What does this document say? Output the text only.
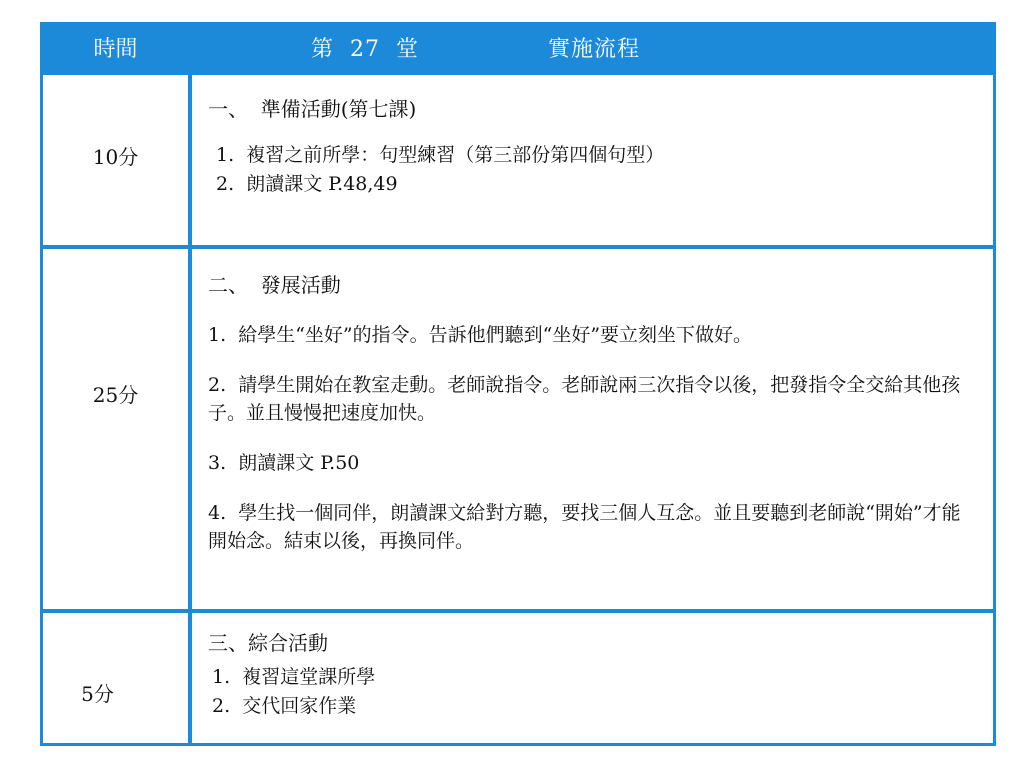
時間	第  27  堂	實施流程
10分

一、  準備活動(第七課)

1.  複習之前所學：句型練習（第三部份第四個句型）

2.  朗讀課文 P.48,49

25分

二、  發展活動

1.  給學生“坐好”的指令。告訴他們聽到“坐好”要立刻坐下做好。

2.  請學生開始在教室走動。老師說指令。老師說兩三次指令以後，把發指令全交給其他孩子。並且慢慢把速度加快。

3.  朗讀課文 P.50

4.  學生找一個同伴，朗讀課文給對方聽，要找三個人互念。並且要聽到老師說“開始”才能開始念。結束以後，再換同伴。

5分

三、綜合活動

1.  複習這堂課所學

2.  交代回家作業
